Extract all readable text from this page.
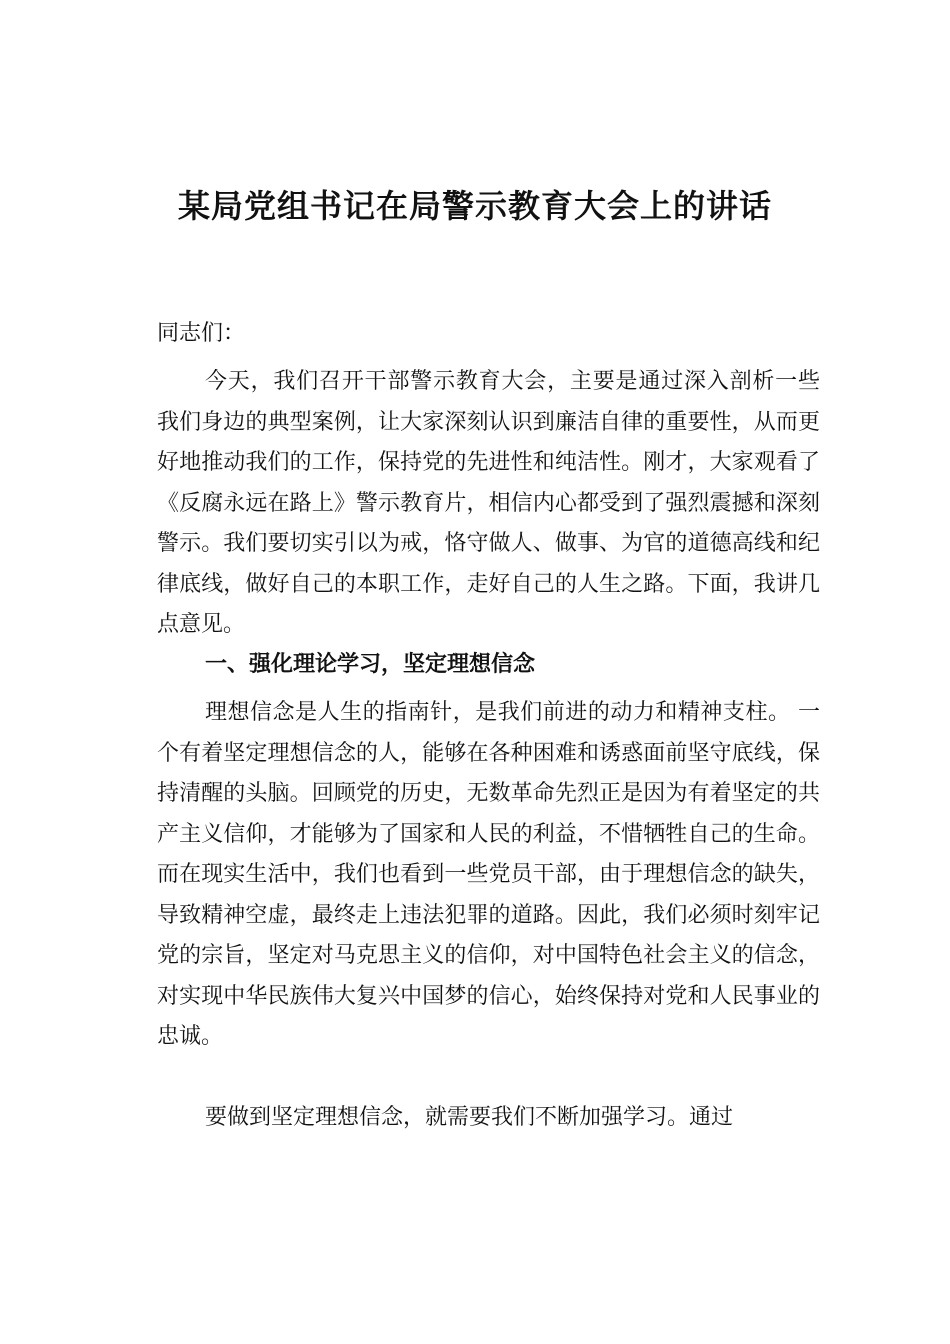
某局党组书记在局警示教育大会上的讲话
同志们：
今天，我们召开干部警示教育大会，主要是通过深入剖析一些我们身边的典型案例，让大家深刻认识到廉洁自律的重要性，从而更好地推动我们的工作，保持党的先进性和纯洁性。刚才，大家观看了《反腐永远在路上》警示教育片，相信内心都受到了强烈震撼和深刻警示。我们要切实引以为戒，恪守做人、做事、为官的道德高线和纪律底线，做好自己的本职工作，走好自己的人生之路。下面，我讲几点意见。
一、强化理论学习，坚定理想信念
理想信念是人生的指南针，是我们前进的动力和精神支柱。 一个有着坚定理想信念的人，能够在各种困难和诱惑面前坚守底线，保持清醒的头脑。回顾党的历史，无数革命先烈正是因为有着坚定的共产主义信仰，才能够为了国家和人民的利益，不惜牺牲自己的生命。而在现实生活中，我们也看到一些党员干部，由于理想信念的缺失，导致精神空虚，最终走上违法犯罪的道路。因此，我们必须时刻牢记党的宗旨，坚定对马克思主义的信仰，对中国特色社会主义的信念，对实现中华民族伟大复兴中国梦的信心，始终保持对党和人民事业的忠诚。
要做到坚定理想信念，就需要我们不断加强学习。通过
